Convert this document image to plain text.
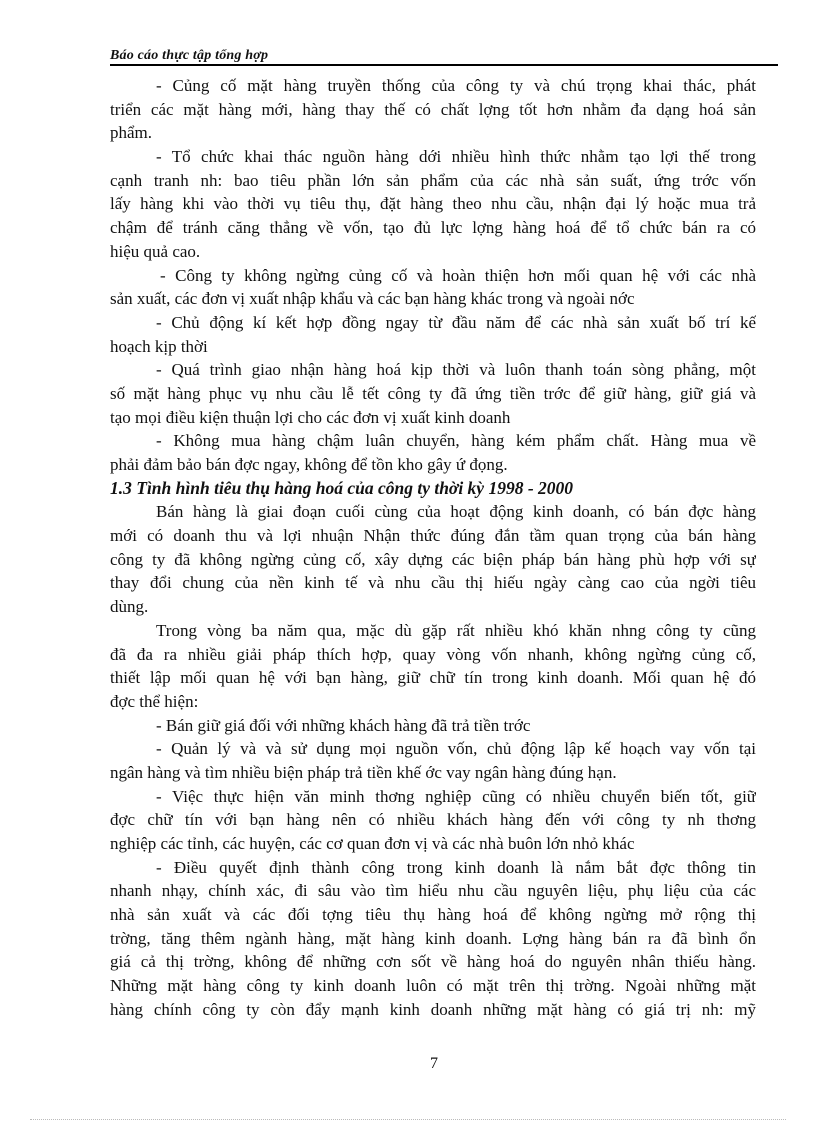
Báo cáo thực tập tổng hợp
- Củng cố mặt hàng truyền thống của công ty và chú trọng khai thác, phát
triển các mặt hàng mới, hàng thay thế có chất lợng tốt hơn nhằm đa dạng hoá sản
phẩm.
- Tổ chức khai thác nguồn hàng dới nhiều hình thức nhằm tạo lợi thế trong
cạnh tranh nh: bao tiêu phần lớn sản phẩm của các nhà sản suất, ứng trớc vốn
lấy hàng khi vào thời vụ tiêu thụ, đặt hàng theo nhu cầu, nhận đại lý hoặc mua trả
chậm để tránh căng thẳng về vốn, tạo đủ lực lợng hàng hoá để tổ chức bán ra có
hiệu quả cao.
- Công ty không ngừng củng cố và hoàn thiện hơn mối quan hệ với các nhà
sản xuất, các đơn vị xuất nhập khẩu và các bạn hàng khác trong và ngoài nớc
- Chủ động kí kết hợp đồng ngay từ đầu năm để các nhà sản xuất bố trí kế
hoạch kịp thời
- Quá trình giao nhận hàng hoá kịp thời và luôn thanh toán sòng phẳng, một
số mặt hàng phục vụ nhu cầu lễ tết công ty đã ứng tiền trớc để giữ hàng, giữ giá và
tạo mọi điều kiện thuận lợi cho các đơn vị xuất kinh doanh
- Không mua hàng chậm luân chuyển, hàng kém phẩm chất. Hàng mua về
phải đảm bảo bán đợc ngay, không để tồn kho gây ứ đọng.
1.3 Tình hình tiêu thụ hàng hoá của công ty thời kỳ 1998 - 2000
Bán hàng là giai đoạn cuối cùng của hoạt động kinh doanh, có bán đợc hàng
mới có doanh thu và lợi nhuận Nhận thức đúng đắn tầm quan trọng của bán hàng
công ty đã không ngừng củng cố, xây dựng các biện pháp bán hàng phù hợp với sự
thay đổi chung của nền kinh tế và nhu cầu thị hiếu ngày càng cao của ngời tiêu
dùng.
Trong vòng ba năm qua, mặc dù gặp rất nhiều khó khăn nhng công ty cũng
đã đa ra nhiều giải pháp thích hợp, quay vòng vốn nhanh, không ngừng củng cố,
thiết lập mối quan hệ với bạn hàng, giữ chữ tín trong kinh doanh. Mối quan hệ đó
đợc thể hiện:
- Bán giữ giá đối với những khách hàng đã trả tiền trớc
- Quản lý và và sử dụng mọi nguồn vốn, chủ động lập kế hoạch vay vốn tại
ngân hàng và tìm nhiều biện pháp trả tiền khế ớc vay ngân hàng đúng hạn.
- Việc thực hiện văn minh thơng nghiệp cũng có nhiều chuyển biến tốt, giữ
đợc chữ tín với bạn hàng nên có nhiều khách hàng đến với công ty nh thơng
nghiệp các tỉnh, các huyện, các cơ quan đơn vị và các nhà buôn lớn nhỏ khác
- Điều quyết định thành công trong kinh doanh là nắm bắt đợc thông tin
nhanh nhạy, chính xác, đi sâu vào tìm hiểu nhu cầu nguyên liệu, phụ liệu của các
nhà sản xuất và các đối tợng tiêu thụ hàng hoá để không ngừng mở rộng thị
trờng, tăng thêm ngành hàng, mặt hàng kinh doanh. Lợng hàng bán ra đã bình ổn
giá cả thị trờng, không để những cơn sốt về hàng hoá do nguyên nhân thiếu hàng.
Những mặt hàng công ty kinh doanh luôn có mặt trên thị trờng. Ngoài những mặt
hàng chính công ty còn đẩy mạnh kinh doanh những mặt hàng có giá trị nh: mỹ
7
